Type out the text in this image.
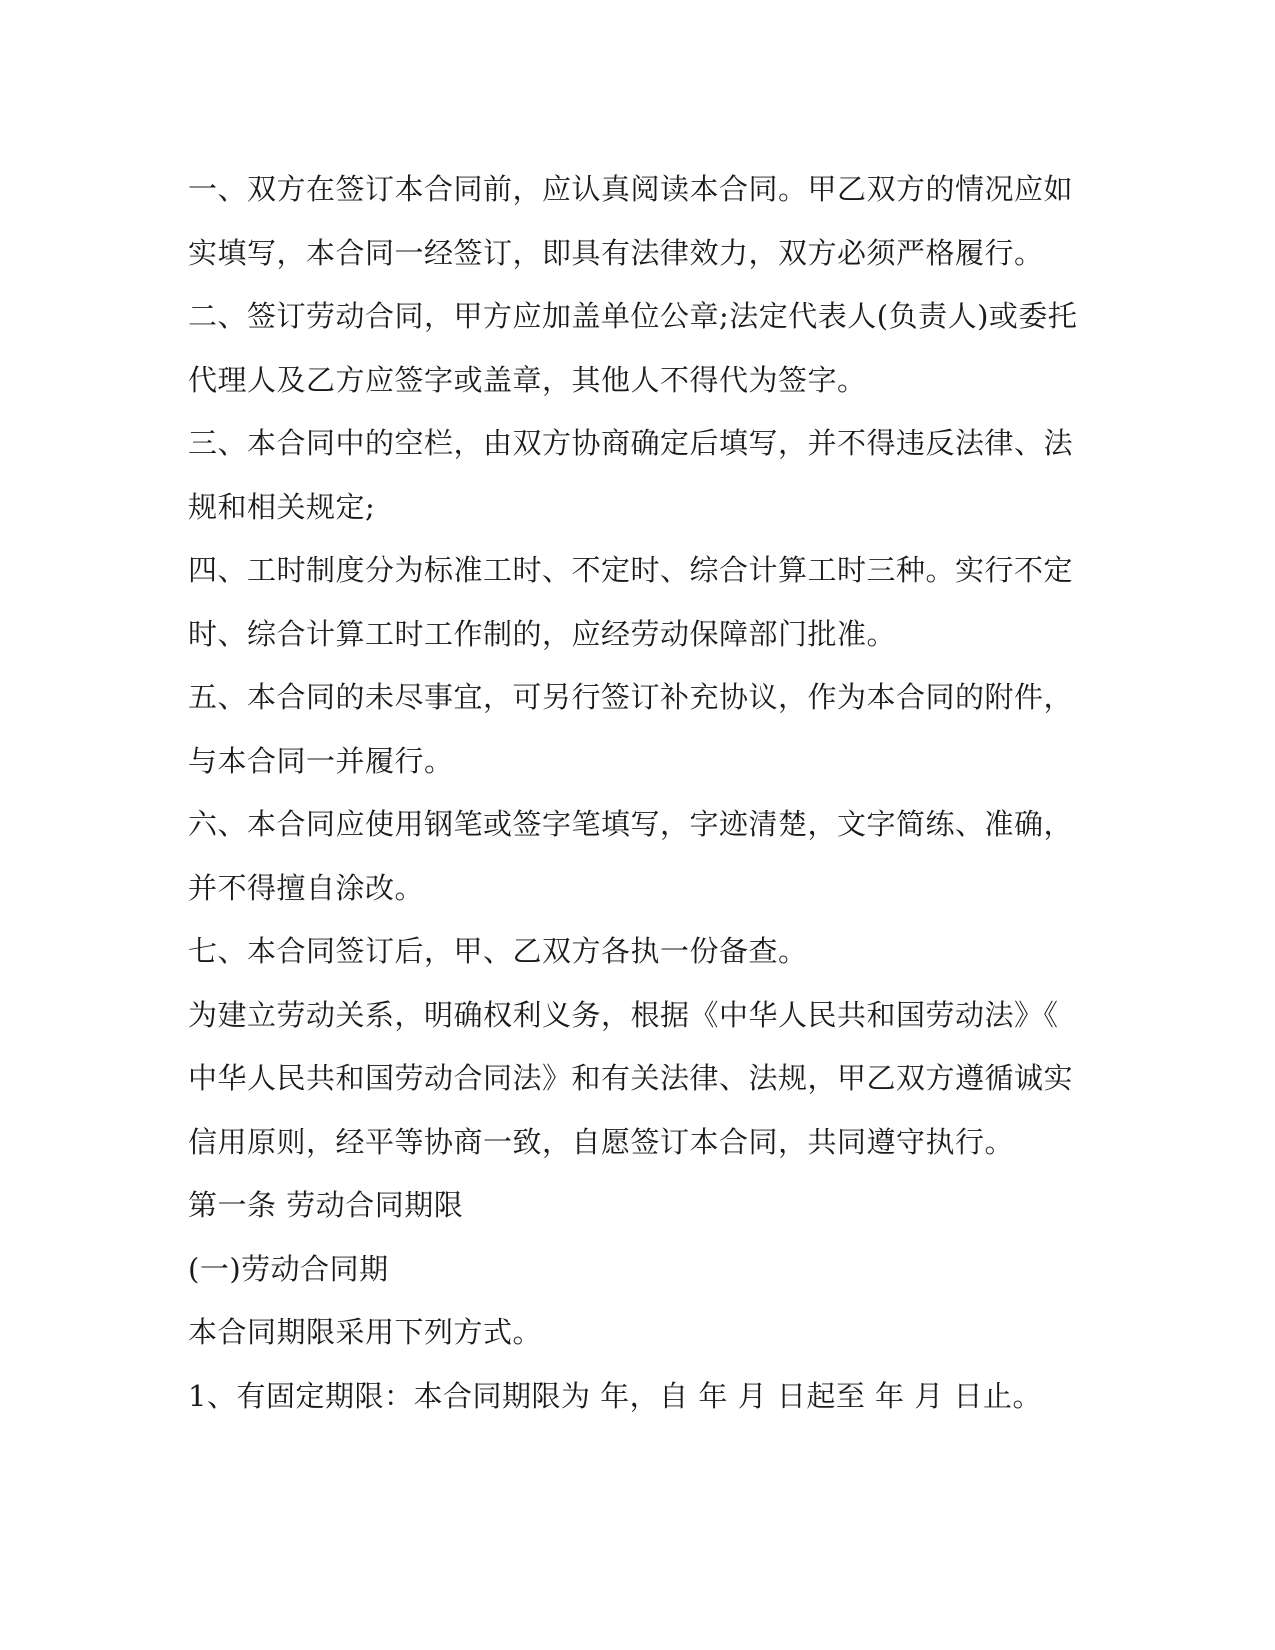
一、双方在签订本合同前，应认真阅读本合同。甲乙双方的情况应如
实填写，本合同一经签订，即具有法律效力，双方必须严格履行。
二、签订劳动合同，甲方应加盖单位公章;法定代表人(负责人)或委托
代理人及乙方应签字或盖章，其他人不得代为签字。
三、本合同中的空栏，由双方协商确定后填写，并不得违反法律、法
规和相关规定;
四、工时制度分为标准工时、不定时、综合计算工时三种。实行不定
时、综合计算工时工作制的，应经劳动保障部门批准。
五、本合同的未尽事宜，可另行签订补充协议，作为本合同的附件，
与本合同一并履行。
六、本合同应使用钢笔或签字笔填写，字迹清楚，文字简练、准确，
并不得擅自涂改。
七、本合同签订后，甲、乙双方各执一份备查。
为建立劳动关系，明确权利义务，根据《中华人民共和国劳动法》《
中华人民共和国劳动合同法》和有关法律、法规，甲乙双方遵循诚实
信用原则，经平等协商一致，自愿签订本合同，共同遵守执行。
第一条 劳动合同期限
(一)劳动合同期
本合同期限采用下列方式。
1、有固定期限：本合同期限为 年，自 年 月 日起至 年 月 日止。
